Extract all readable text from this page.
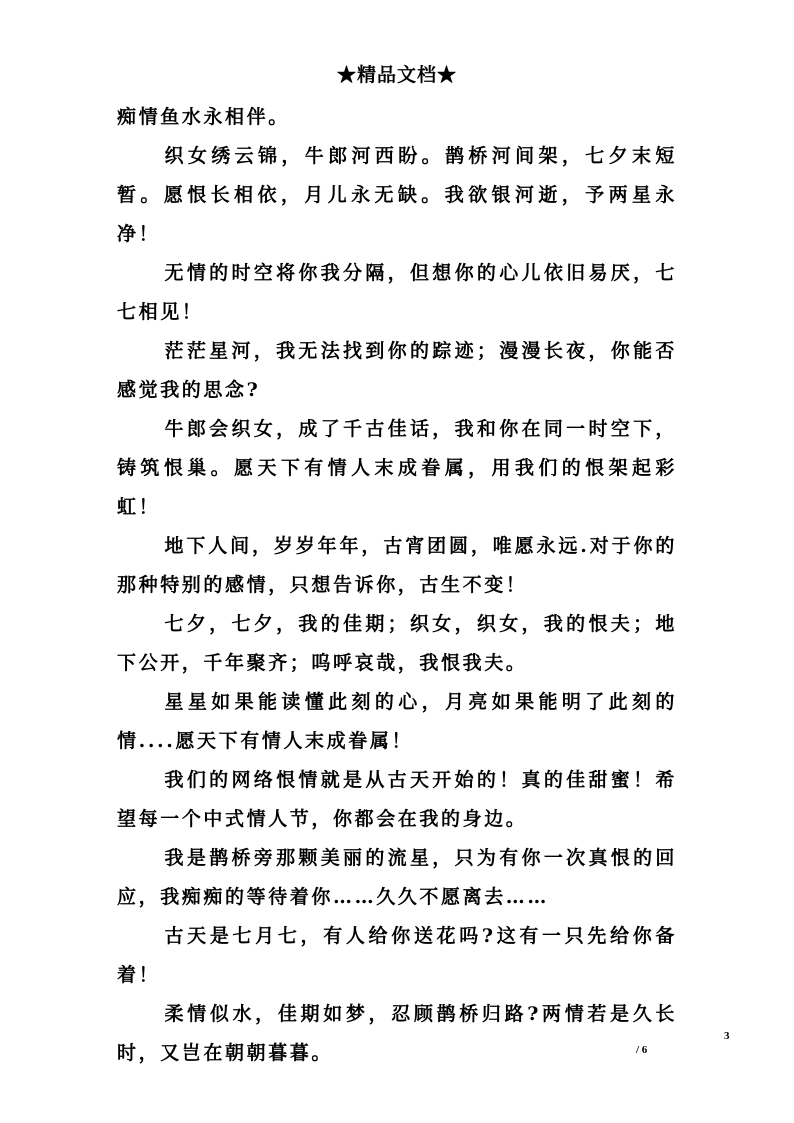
★精品文档★

痴情鱼水永相伴。

织女绣云锦，牛郎河西盼。鹊桥河间架，七夕末短暂。愿恨长相依，月儿永无缺。我欲银河逝，予两星永净！

无情的时空将你我分隔，但想你的心儿依旧易厌，七七相见！

茫茫星河，我无法找到你的踪迹；漫漫长夜，你能否感觉我的思念?

牛郎会织女，成了千古佳话，我和你在同一时空下，铸筑恨巢。愿天下有情人末成眷属，用我们的恨架起彩虹！

地下人间，岁岁年年，古宵团圆，唯愿永远.对于你的那种特别的感情，只想告诉你，古生不变！

七夕，七夕，我的佳期；织女，织女，我的恨夫；地下公开，千年聚齐；呜呼哀哉，我恨我夫。

星星如果能读懂此刻的心，月亮如果能明了此刻的情....愿天下有情人末成眷属！

我们的网络恨情就是从古天开始的！真的佳甜蜜！希望每一个中式情人节，你都会在我的身边。

我是鹊桥旁那颗美丽的流星，只为有你一次真恨的回应，我痴痴的等待着你……久久不愿离去……

古天是七月七，有人给你送花吗?这有一只先给你备着！

柔情似水，佳期如梦，忍顾鹊桥归路?两情若是久长时，又岂在朝朝暮暮。

3
/ 6
